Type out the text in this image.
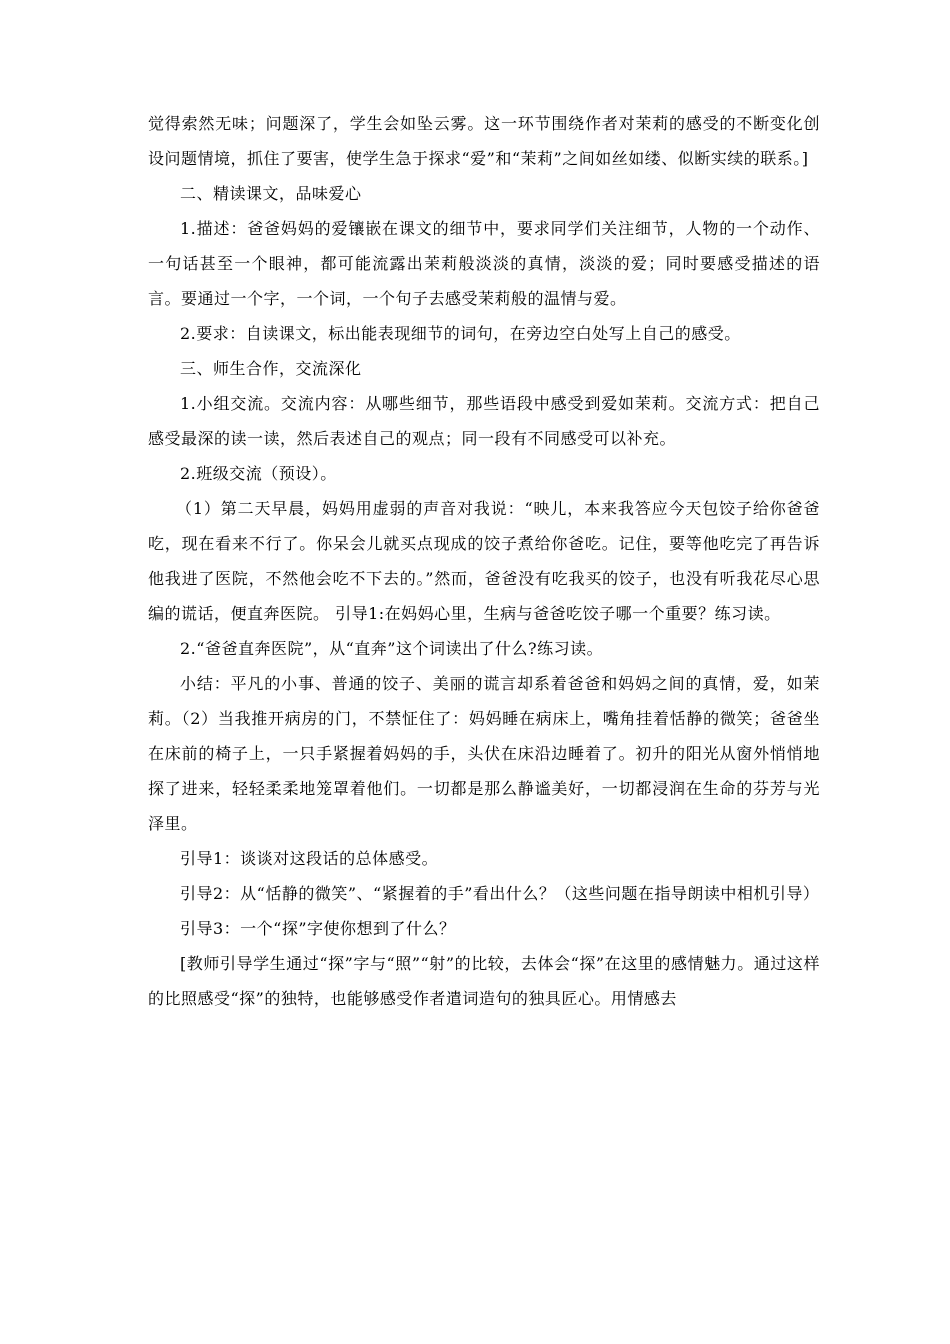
觉得索然无味；问题深了，学生会如坠云雾。这一环节围绕作者对茉莉的感受的不断变化创设问题情境，抓住了要害，使学生急于探求“爱”和“茉莉”之间如丝如缕、似断实续的联系。]

二、精读课文，品味爱心

1.描述：爸爸妈妈的爱镶嵌在课文的细节中，要求同学们关注细节，人物的一个动作、一句话甚至一个眼神，都可能流露出茉莉般淡淡的真情，淡淡的爱；同时要感受描述的语言。要通过一个字，一个词，一个句子去感受茉莉般的温情与爱。

2.要求：自读课文，标出能表现细节的词句，在旁边空白处写上自己的感受。

三、师生合作，交流深化

1.小组交流。交流内容：从哪些细节，那些语段中感受到爱如茉莉。交流方式：把自己感受最深的读一读，然后表述自己的观点；同一段有不同感受可以补充。

2.班级交流（预设）。

（1）第二天早晨，妈妈用虚弱的声音对我说：“映儿，本来我答应今天包饺子给你爸爸吃，现在看来不行了。你呆会儿就买点现成的饺子煮给你爸吃。记住，要等他吃完了再告诉他我进了医院，不然他会吃不下去的。”然而，爸爸没有吃我买的饺子，也没有听我花尽心思编的谎话，便直奔医院。 引导1:在妈妈心里，生病与爸爸吃饺子哪一个重要？练习读。

2.“爸爸直奔医院”，从“直奔”这个词读出了什么?练习读。

小结：平凡的小事、普通的饺子、美丽的谎言却系着爸爸和妈妈之间的真情，爱，如茉莉。（2）当我推开病房的门，不禁怔住了：妈妈睡在病床上，嘴角挂着恬静的微笑；爸爸坐在床前的椅子上，一只手紧握着妈妈的手，头伏在床沿边睡着了。初升的阳光从窗外悄悄地探了进来，轻轻柔柔地笼罩着他们。一切都是那么静谧美好，一切都浸润在生命的芬芳与光泽里。

引导1：谈谈对这段话的总体感受。

引导2：从“恬静的微笑”、“紧握着的手”看出什么？（这些问题在指导朗读中相机引导）

引导3：一个“探”字使你想到了什么？

[教师引导学生通过“探”字与“照”“射”的比较，去体会“探”在这里的感情魅力。通过这样的比照感受“探”的独特，也能够感受作者遣词造句的独具匠心。用情感去
